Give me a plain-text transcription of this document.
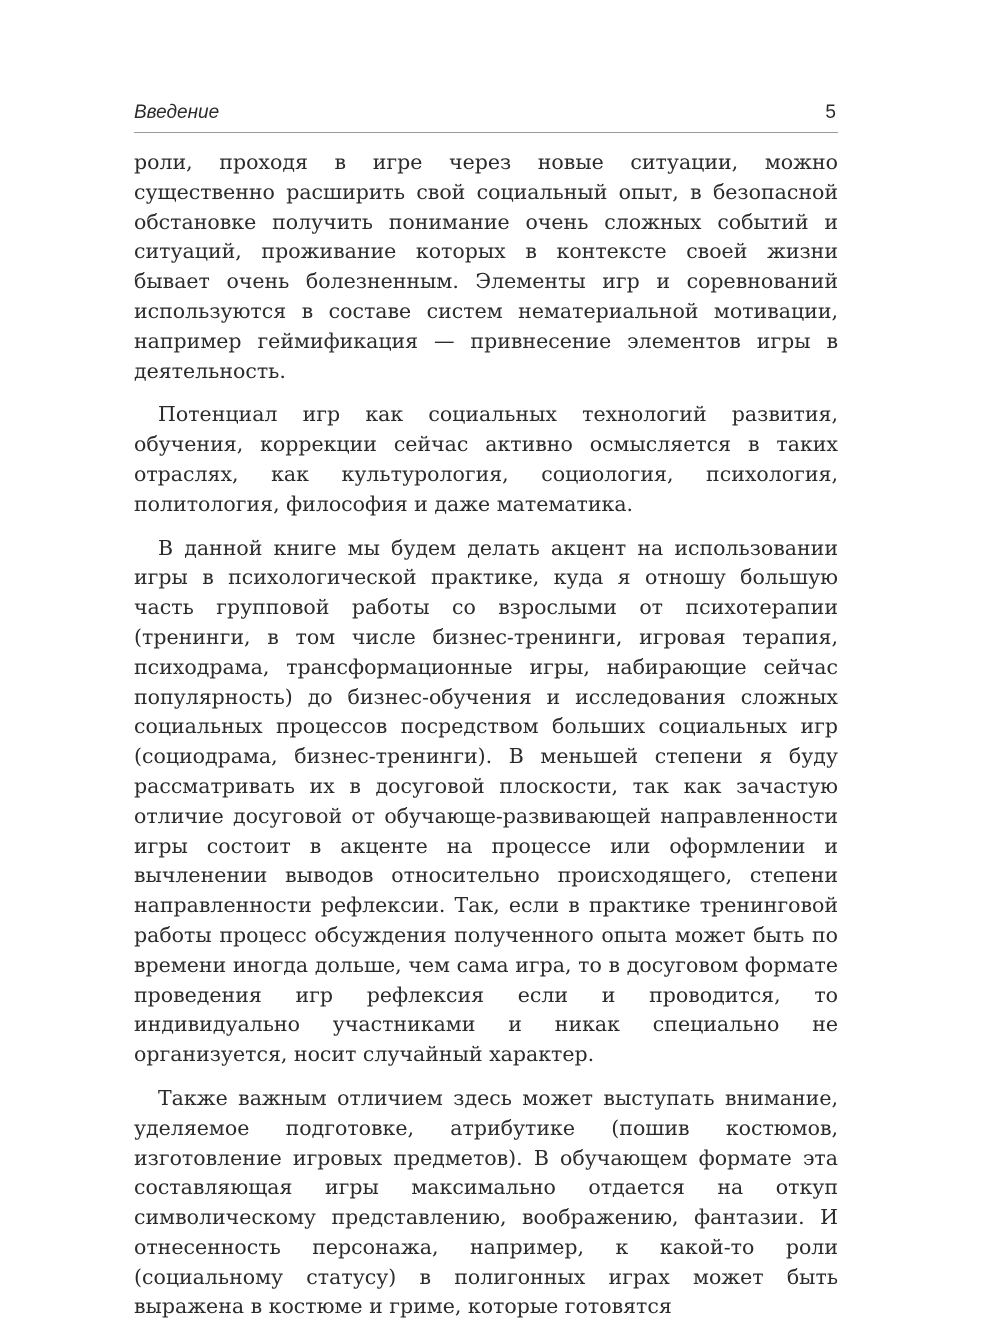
Введение	5

роли, проходя в игре через новые ситуации, можно существенно расширить свой социальный опыт, в безопасной обстановке получить понимание очень сложных событий и ситуаций, проживание которых в контексте своей жизни бывает очень болезненным. Элементы игр и соревнований используются в составе систем нематериальной мотивации, например геймификация — привнесение элементов игры в деятельность.

Потенциал игр как социальных технологий развития, обучения, коррекции сейчас активно осмысляется в таких отраслях, как культурология, социология, психология, политология, философия и даже математика.

В данной книге мы будем делать акцент на использовании игры в психологической практике, куда я отношу большую часть групповой работы со взрослыми от психотерапии (тренинги, в том числе бизнес-тренинги, игровая терапия, психодрама, трансформационные игры, набирающие сейчас популярность) до бизнес-обучения и исследования сложных социальных процессов посредством больших социальных игр (социодрама, бизнес-тренинги). В меньшей степени я буду рассматривать их в досуговой плоскости, так как зачастую отличие досуговой от обучающе-развивающей направленности игры состоит в акценте на процессе или оформлении и вычленении выводов относительно происходящего, степени направленности рефлексии. Так, если в практике тренинговой работы процесс обсуждения полученного опыта может быть по времени иногда дольше, чем сама игра, то в досуговом формате проведения игр рефлексия если и проводится, то индивидуально участниками и никак специально не организуется, носит случайный характер.

Также важным отличием здесь может выступать внимание, уделяемое подготовке, атрибутике (пошив костюмов, изготовление игровых предметов). В обучающем формате эта составляющая игры максимально отдается на откуп символическому представлению, воображению, фантазии. И отнесенность персонажа, например, к какой-то роли (социальному статусу) в полигонных играх может быть выражена в костюме и гриме, которые готовятся
